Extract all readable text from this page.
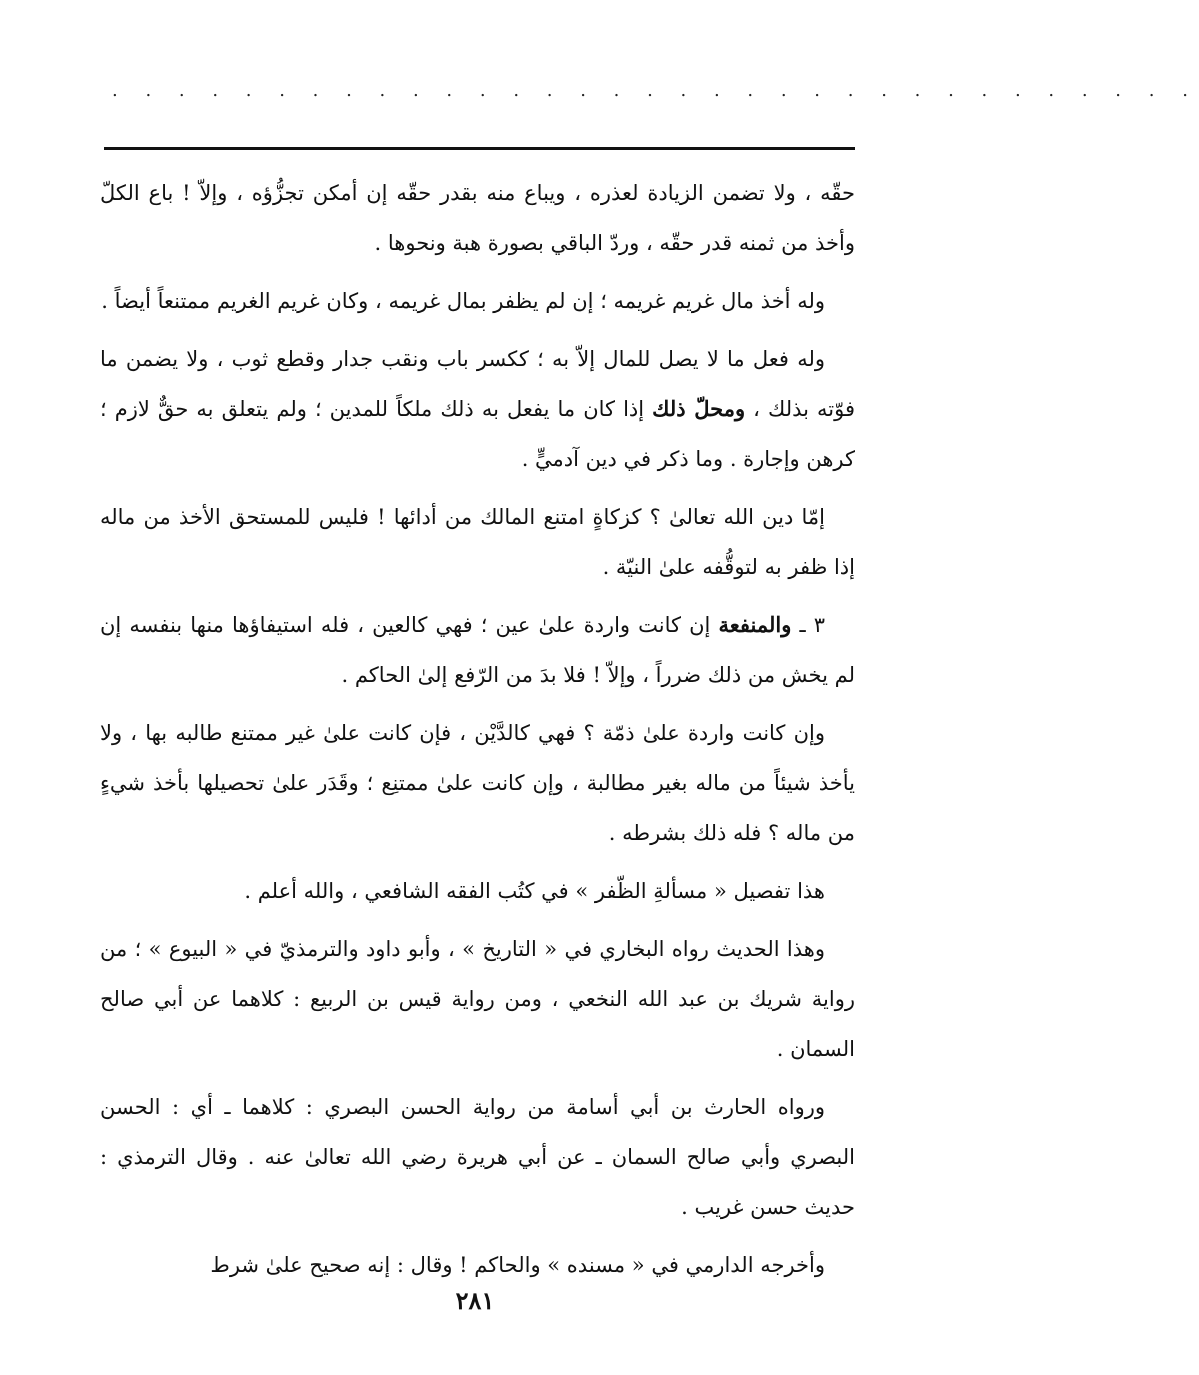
. . . . . . . . . . . . . . . . . . . . . . . . . . . . . . . . .

حقّه ، ولا تضمن الزيادة لعذره ، ويباع منه بقدر حقّه إن أمكن تجزُّؤه ، وإلاّ ! باع الكلّ وأخذ من ثمنه قدر حقّه ، وردّ الباقي بصورة هبة ونحوها .

وله أخذ مال غريم غريمه ؛ إن لم يظفر بمال غريمه ، وكان غريم الغريم ممتنعاً أيضاً .

وله فعل ما لا يصل للمال إلاّ به ؛ ككسر باب ونقب جدار وقطع ثوب ، ولا يضمن ما فوّته بذلك ، ومحلّ ذلك إذا كان ما يفعل به ذلك ملكاً للمدين ؛ ولم يتعلق به حقٌّ لازم ؛ كرهن وإجارة . وما ذكر في دين آدميٍّ .

إمّا دين الله تعالىٰ ؟ كزكاةٍ امتنع المالك من أدائها ! فليس للمستحق الأخذ من ماله إذا ظفر به لتوقُّفه علىٰ النيّة .

٣ ـ والمنفعة إن كانت واردة علىٰ عين ؛ فهي كالعين ، فله استيفاؤها منها بنفسه إن لم يخش من ذلك ضرراً ، وإلاّ ! فلا بدَ من الرّفع إلىٰ الحاكم .

وإن كانت واردة علىٰ ذمّة ؟ فهي كالدَّيْن ، فإن كانت علىٰ غير ممتنع طالبه بها ، ولا يأخذ شيئاً من ماله بغير مطالبة ، وإن كانت علىٰ ممتنِع ؛ وقَدَر علىٰ تحصيلها بأخذ شيءٍ من ماله ؟ فله ذلك بشرطه .

هذا تفصيل « مسألةِ الظّفر » في كتُب الفقه الشافعي ، والله أعلم .

وهذا الحديث رواه البخاري في « التاريخ » ، وأبو داود والترمذيّ في « البيوع » ؛ من رواية شريك بن عبد الله النخعي ، ومن رواية قيس بن الربيع : كلاهما عن أبي صالح السمان .

ورواه الحارث بن أبي أسامة من رواية الحسن البصري : كلاهما ـ أي : الحسن البصري وأبي صالح السمان ـ عن أبي هريرة رضي الله تعالىٰ عنه . وقال الترمذي : حديث حسن غريب .

وأخرجه الدارمي في « مسنده » والحاكم ! وقال : إنه صحيح علىٰ شرط

٢٨١
